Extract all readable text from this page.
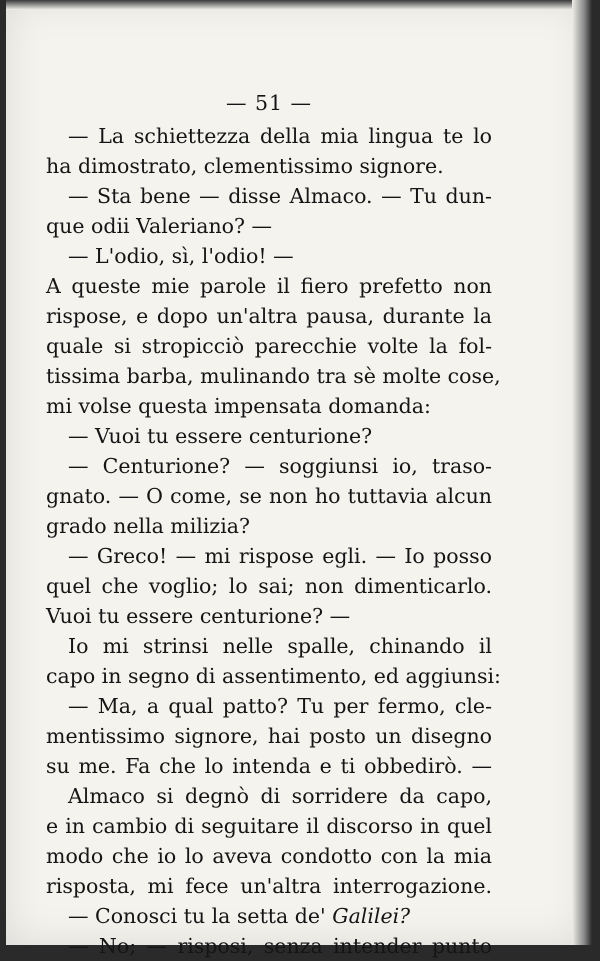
— 51 —
— La schiettezza della mia lingua te lo
ha dimostrato, clementissimo signore.
— Sta bene — disse Almaco. — Tu dun-
que odii Valeriano? —
— L'odio, sì, l'odio! —
A queste mie parole il fiero prefetto non
rispose, e dopo un'altra pausa, durante la
quale si stropicciò parecchie volte la fol-
tissima barba, mulinando tra sè molte cose,
mi volse questa impensata domanda:
— Vuoi tu essere centurione?
— Centurione? — soggiunsi io, traso-
gnato. — O come, se non ho tuttavia alcun
grado nella milizia?
— Greco! — mi rispose egli. — Io posso
quel che voglio; lo sai; non dimenticarlo.
Vuoi tu essere centurione? —
Io mi strinsi nelle spalle, chinando il
capo in segno di assentimento, ed aggiunsi:
— Ma, a qual patto? Tu per fermo, cle-
mentissimo signore, hai posto un disegno
su me. Fa che lo intenda e ti obbedirò. —
Almaco si degnò di sorridere da capo,
e in cambio di seguitare il discorso in quel
modo che io lo aveva condotto con la mia
risposta, mi fece un'altra interrogazione.
— Conosci tu la setta de' Galilei?
— No; — risposi, senza intender punto
